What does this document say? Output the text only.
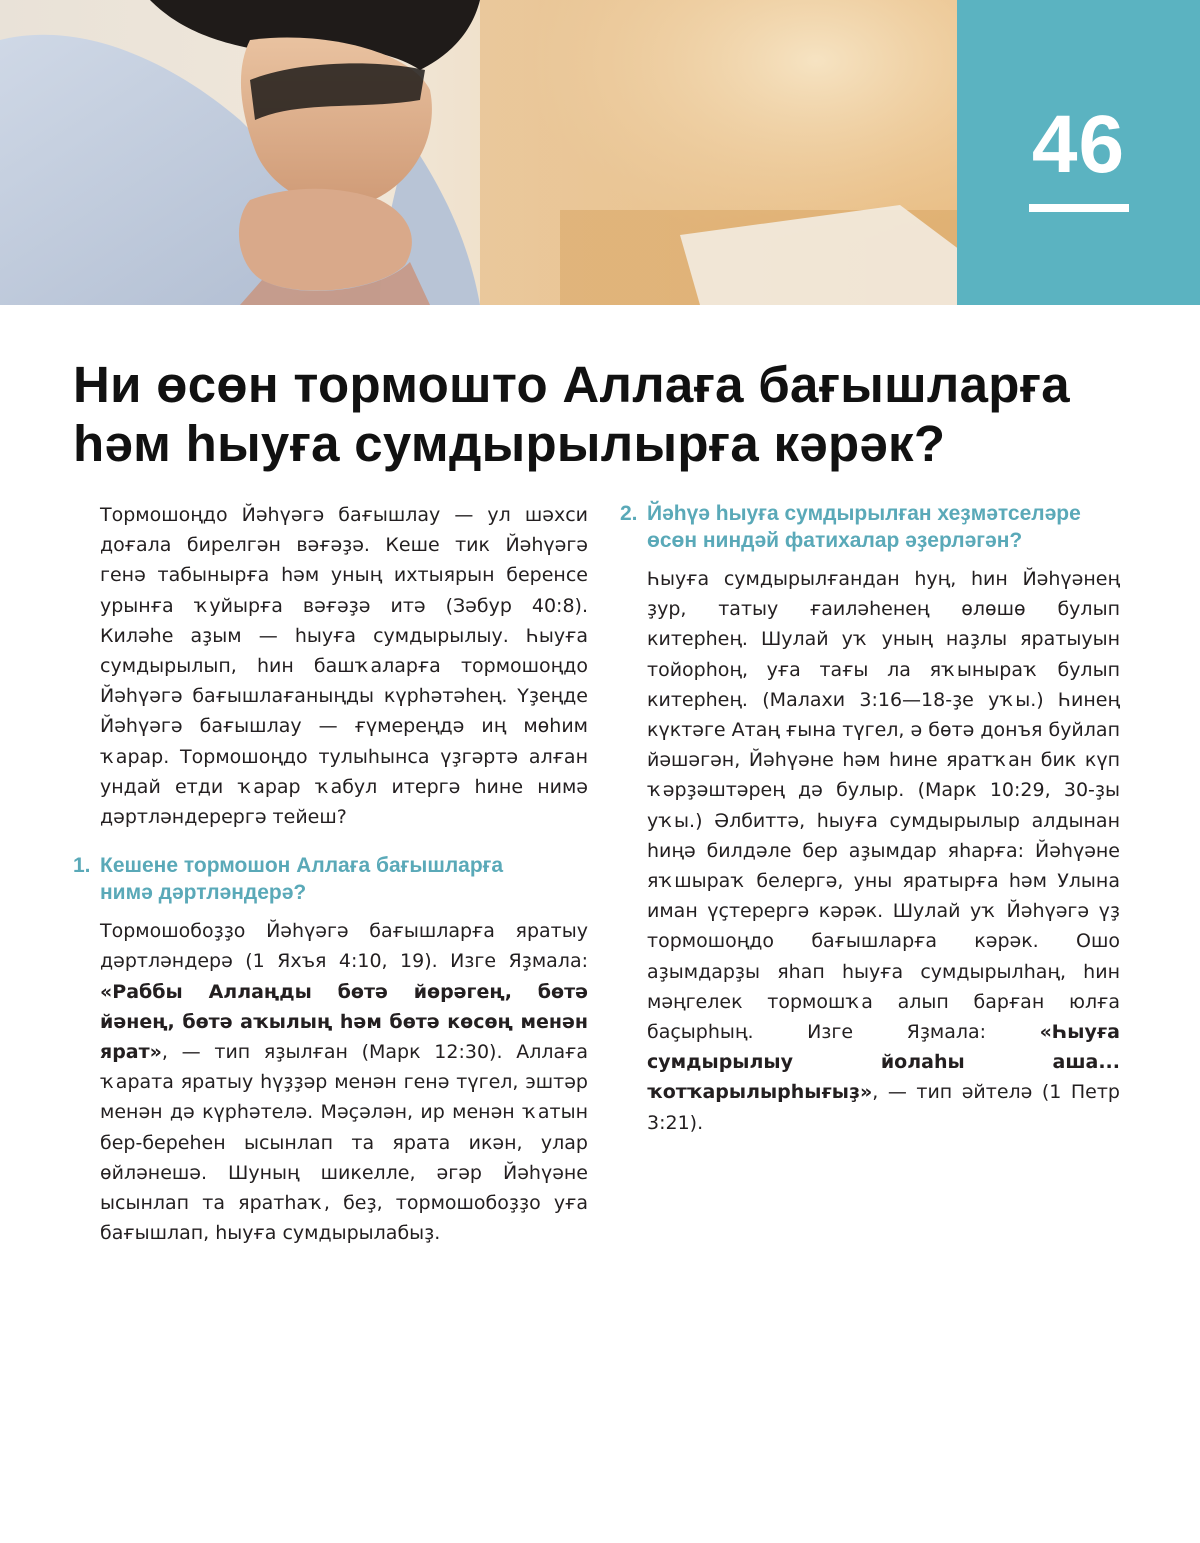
46
Ни өсөн тормошто Аллаға бағышларға
һәм һыуға сумдырылырға кәрәк?

Тормошоңдо Йәһүәгә бағышлау — ул шәхси доғала бирелгән вәғәҙә. Кеше тик Йәһүәгә генә табынырға һәм уның ихтыярын беренсе урынға ҡуйырға вәғәҙә итә (Зәбур 40:8). Киләһе аҙым — һыуға сумдырылыу. Һыуға сумдырылып, һин башҡаларға тормошоңдо Йәһүәгә бағышлағаныңды күрһәтәһең. Үҙеңде Йәһүәгә бағышлау — ғүмереңдә иң мөһим ҡарар. Тормошоңдо тулыһынса үҙгәртә алған ундай етди ҡарар ҡабул итергә һине нимә дәртләндерергә тейеш?

1. Кешене тормошон Аллаға бағышларға
нимә дәртләндерә?

Тормошобоҙҙо Йәһүәгә бағышларға яратыу дәртләндерә (1 Яхъя 4:10, 19). Изге Яҙмала: «Раббы Аллаңды бөтә йөрәгең, бөтә йәнең, бөтә аҡылың һәм бөтә көсөң менән ярат», — тип яҙылған (Марк 12:30). Аллаға ҡарата яратыу һүҙҙәр менән генә түгел, эштәр менән дә күрһәтелә. Мәҫәлән, ир менән ҡатын бер-береһен ысынлап та ярата икән, улар өйләнешә. Шуның шикелле, әгәр Йәһүәне ысынлап та яратһаҡ, беҙ, тормошобоҙҙо уға бағышлап, һыуға сумдырылабыҙ.

2. Йәһүә һыуға сумдырылған хеҙмәтселәре
өсөн ниндәй фатихалар әҙерләгән?

Һыуға сумдырылғандан һуң, һин Йәһүәнең ҙур, татыу ғаиләһенең өлөшө булып китерһең. Шулай уҡ уның наҙлы яратыуын тойорһоң, уға тағы ла яҡыныраҡ булып китерһең. (Малахи 3:16—18-ҙе уҡы.) Һинең күктәге Атаң ғына түгел, ә бөтә донъя буйлап йәшәгән, Йәһүәне һәм һине яратҡан бик күп ҡәрҙәштәрең дә булыр. (Марк 10:29, 30-ҙы уҡы.) Әлбиттә, һыуға сумдырылыр алдынан һиңә билдәле бер аҙымдар яһарға: Йәһүәне яҡшыраҡ белергә, уны яратырға һәм Улына иман үҫтерергә кәрәк. Шулай уҡ Йәһүәгә үҙ тормошоңдо бағышларға кәрәк. Ошо аҙымдарҙы яһап һыуға сумдырылһаң, һин мәңгелек тормошҡа алып барған юлға баҫырһың. Изге Яҙмала: «Һыуға сумдырылыу йолаһы аша... ҡотҡарылырһығыҙ», — тип әйтелә (1 Петр 3:21).
